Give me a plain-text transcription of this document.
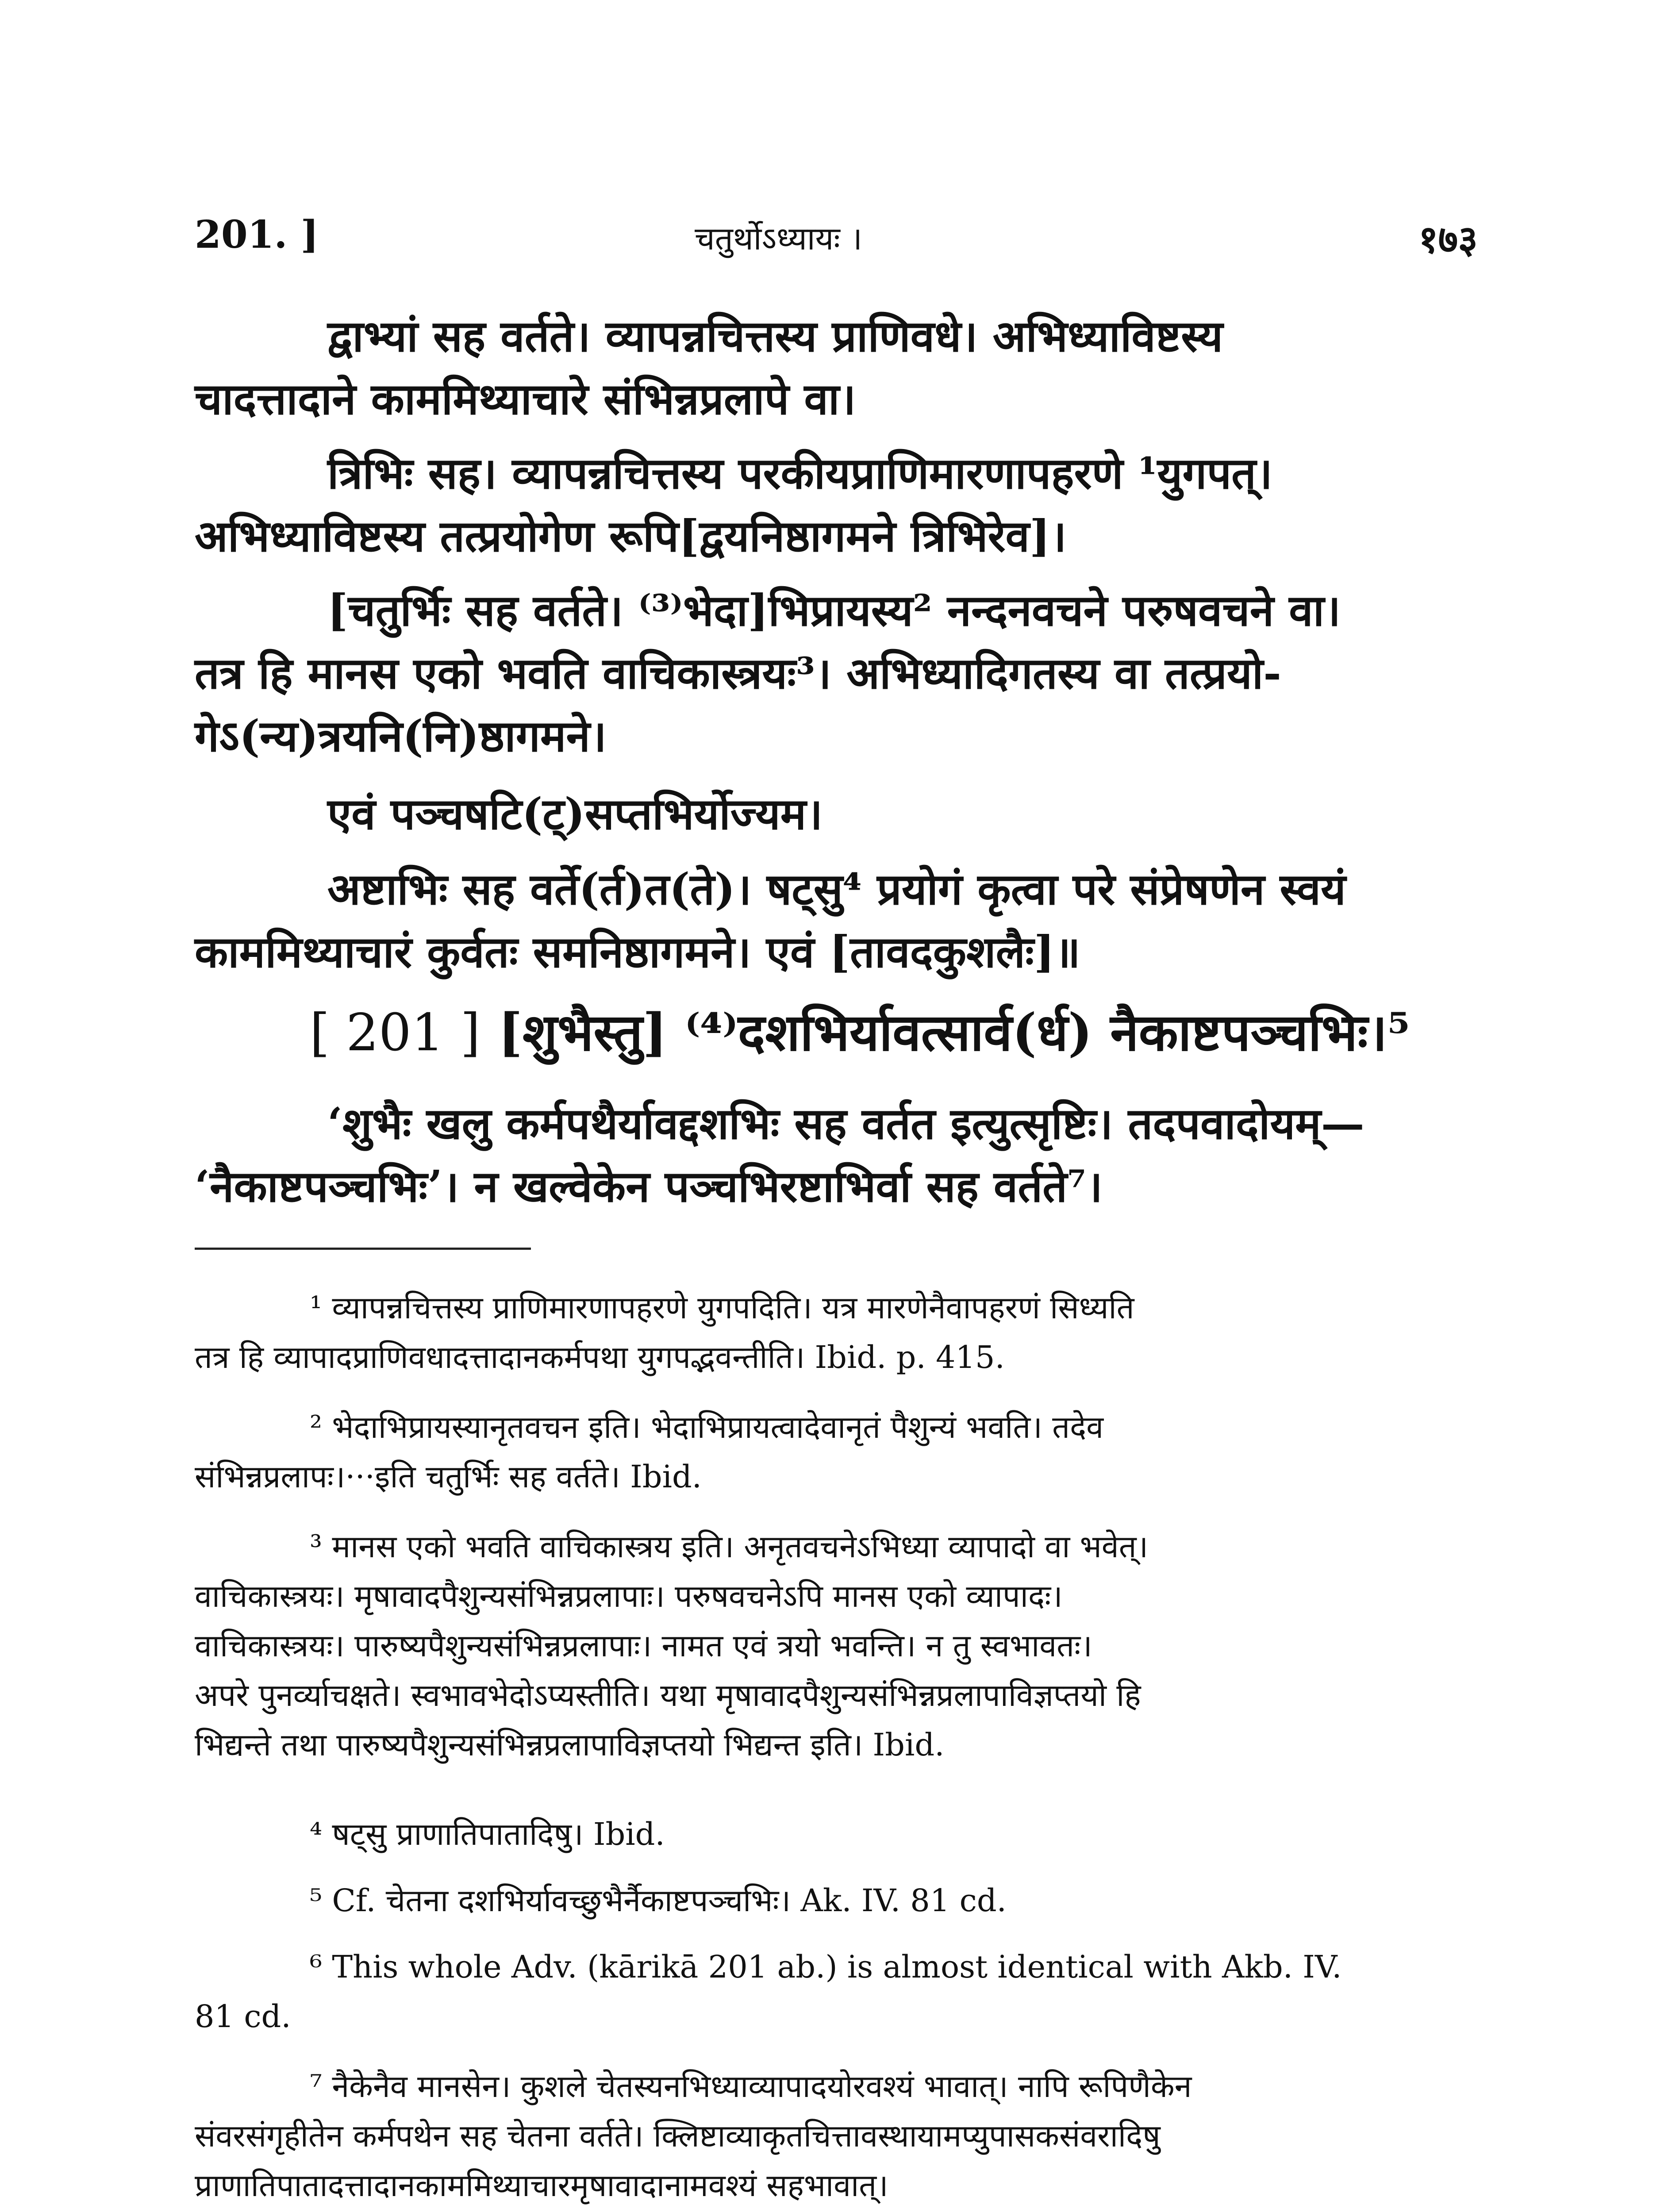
201. ]	चतुर्थोऽध्यायः ।	१७३
द्वाभ्यां सह वर्तते। व्यापन्नचित्तस्य प्राणिवधे। अभिध्याविष्टस्य
चादत्तादाने काममिथ्याचारे संभिन्नप्रलापे वा।
त्रिभिः सह। व्यापन्नचित्तस्य परकीयप्राणिमारणापहरणे ¹युगपत्।
अभिध्याविष्टस्य तत्प्रयोगेण रूपि[द्वयनिष्ठागमने त्रिभिरेव]।
[चतुर्भिः सह वर्तते। ⁽³⁾भेदा]भिप्रायस्य² नन्दनवचने परुषवचने वा।
तत्र हि मानस एको भवति वाचिकास्त्रयः³। अभिध्यादिगतस्य वा तत्प्रयो-
गेऽ(न्य)त्रयनि(नि)ष्ठागमने।
एवं पञ्चषटि(ट्)सप्तभिर्योज्यम।
अष्टाभिः सह वर्ते(र्त)त(ते)। षट्सु⁴ प्रयोगं कृत्वा परे संप्रेषणेन स्वयं
काममिथ्याचारं कुर्वतः समनिष्ठागमने। एवं [तावदकुशलैः]॥
[ 201 ] [शुभैस्तु] ⁽⁴⁾दशभिर्यावत्सार्व(र्ध) नैकाष्टपञ्चभिः।⁵
‘शुभैः खलु कर्मपथैर्यावद्दशभिः सह वर्तत इत्युत्सृष्टिः। तदपवादोयम्—
‘नैकाष्टपञ्चभिः’। न खल्वेकेन पञ्चभिरष्टाभिर्वा सह वर्तते⁷।
¹ व्यापन्नचित्तस्य प्राणिमारणापहरणे युगपदिति। यत्र मारणेनैवापहरणं सिध्यति
तत्र हि व्यापादप्राणिवधादत्तादानकर्मपथा युगपद्भवन्तीति। Ibid. p. 415.
² भेदाभिप्रायस्यानृतवचन इति। भेदाभिप्रायत्वादेवानृतं पैशुन्यं भवति। तदेव
संभिन्नप्रलापः।···इति चतुर्भिः सह वर्तते। Ibid.
³ मानस एको भवति वाचिकास्त्रय इति। अनृतवचनेऽभिध्या व्यापादो वा भवेत्।
वाचिकास्त्रयः। मृषावादपैशुन्यसंभिन्नप्रलापाः। परुषवचनेऽपि मानस एको व्यापादः।
वाचिकास्त्रयः। पारुष्यपैशुन्यसंभिन्नप्रलापाः। नामत एवं त्रयो भवन्ति। न तु स्वभावतः।
अपरे पुनर्व्याचक्षते। स्वभावभेदोऽप्यस्तीति। यथा मृषावादपैशुन्यसंभिन्नप्रलापाविज्ञप्तयो हि
भिद्यन्ते तथा पारुष्यपैशुन्यसंभिन्नप्रलापाविज्ञप्तयो भिद्यन्त इति। Ibid.
⁴ षट्सु प्राणातिपातादिषु। Ibid.
⁵ Cf. चेतना दशभिर्यावच्छुभैर्नैकाष्टपञ्चभिः। Ak. IV. 81 cd.
⁶ This whole Adv. (kārikā 201 ab.) is almost identical with Akb. IV.
81 cd.
⁷ नैकेनैव मानसेन। कुशले चेतस्यनभिध्याव्यापादयोरवश्यं भावात्। नापि रूपिणैकेन
संवरसंगृहीतेन कर्मपथेन सह चेतना वर्तते। क्लिष्टाव्याकृतचित्तावस्थायामप्युपासकसंवरादिषु
प्राणातिपातादत्तादानकाममिथ्याचारमृषावादानामवश्यं सहभावात्।
